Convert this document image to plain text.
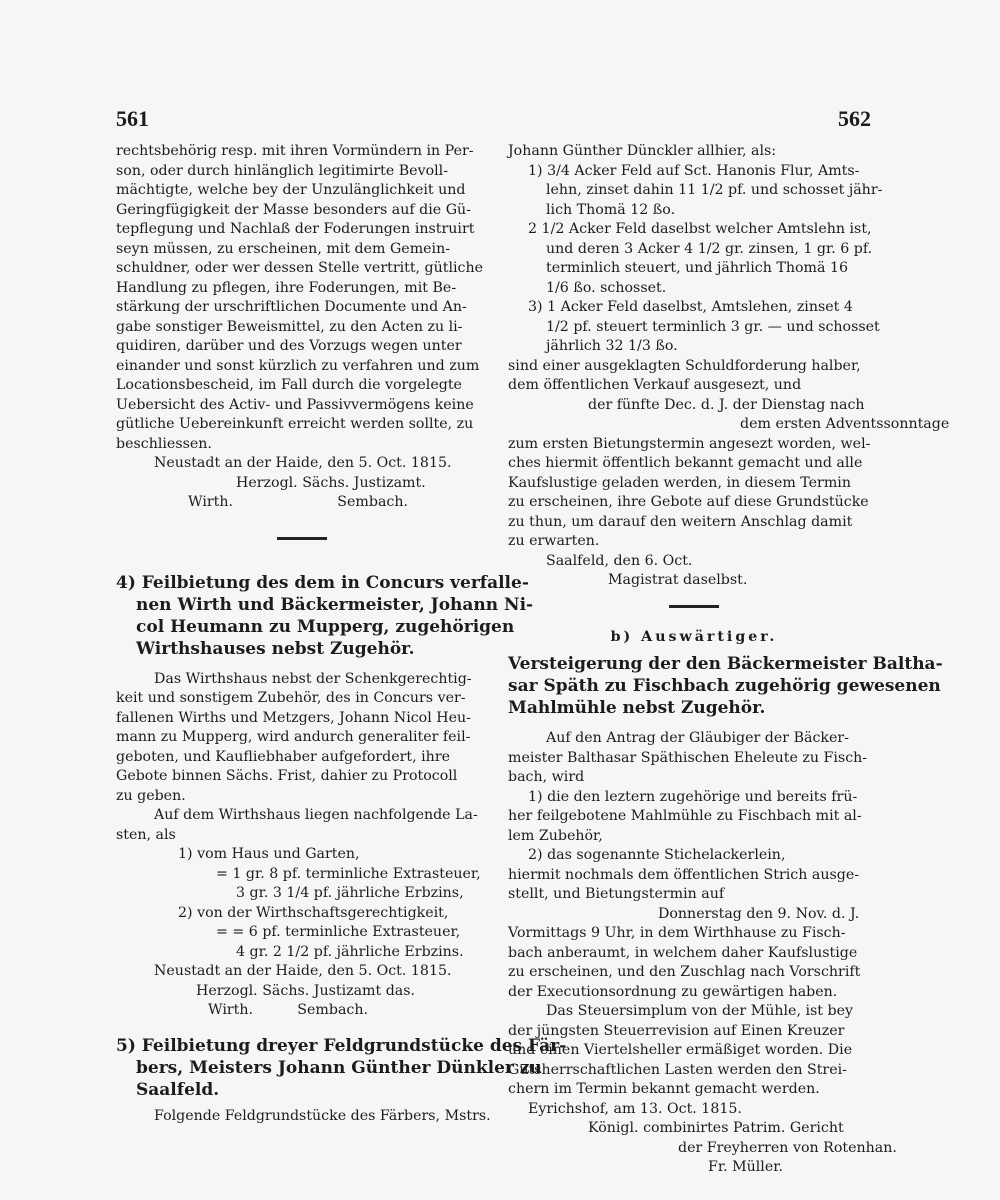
561	562
rechtsbehörig resp. mit ihren Vormündern in Per-
son, oder durch hinlänglich legitimirte Bevoll-
mächtigte, welche bey der Unzulänglichkeit und
Geringfügigkeit der Masse besonders auf die Gü-
tepflegung und Nachlaß der Foderungen instruirt
seyn müssen, zu erscheinen, mit dem Gemein-
schuldner, oder wer dessen Stelle vertritt, gütliche
Handlung zu pflegen, ihre Foderungen, mit Be-
stärkung der urschriftlichen Documente und An-
gabe sonstiger Beweismittel, zu den Acten zu li-
quidiren, darüber und des Vorzugs wegen unter
einander und sonst kürzlich zu verfahren und zum
Locationsbescheid, im Fall durch die vorgelegte
Uebersicht des Activ- und Passivvermögens keine
gütliche Uebereinkunft erreicht werden sollte, zu
beschliessen.
Neustadt an der Haide, den 5. Oct. 1815.
Herzogl. Sächs. Justizamt.
Wirth.	Sembach.
4) Feilbietung des dem in Concurs verfalle-
nen Wirth und Bäckermeister, Johann Ni-
col Heumann zu Mupperg, zugehörigen
Wirthshauses nebst Zugehör.
Das Wirthshaus nebst der Schenkgerechtig-
keit und sonstigem Zubehör, des in Concurs ver-
fallenen Wirths und Metzgers, Johann Nicol Heu-
mann zu Mupperg, wird andurch generaliter feil-
geboten, und Kaufliebhaber aufgefordert, ihre
Gebote binnen Sächs. Frist, dahier zu Protocoll
zu geben.
Auf dem Wirthshaus liegen nachfolgende La-
sten, als
1) vom Haus und Garten,
= 1 gr. 8 pf. terminliche Extrasteuer,
3 gr. 3 1/4 pf. jährliche Erbzins,
2) von der Wirthschaftsgerechtigkeit,
= = 6 pf. terminliche Extrasteuer,
4 gr. 2 1/2 pf. jährliche Erbzins.
Neustadt an der Haide, den 5. Oct. 1815.
Herzogl. Sächs. Justizamt das.
Wirth.	Sembach.
5) Feilbietung dreyer Feldgrundstücke des Fär-
bers, Meisters Johann Günther Dünkler zu
Saalfeld.
Folgende Feldgrundstücke des Färbers, Mstrs.
Johann Günther Dünckler allhier, als:
1) 3/4 Acker Feld auf Sct. Hanonis Flur, Amts-
lehn, zinset dahin 11 1/2 pf. und schosset jähr-
lich Thomä 12 ßo.
2 1/2 Acker Feld daselbst welcher Amtslehn ist,
und deren 3 Acker 4 1/2 gr. zinsen, 1 gr. 6 pf.
terminlich steuert, und jährlich Thomä 16
1/6 ßo. schosset.
3) 1 Acker Feld daselbst, Amtslehen, zinset 4
1/2 pf. steuert terminlich 3 gr. — und schosset
jährlich 32 1/3 ßo.
sind einer ausgeklagten Schuldforderung halber,
dem öffentlichen Verkauf ausgesezt, und
der fünfte Dec. d. J. der Dienstag nach
dem ersten Adventssonntage
zum ersten Bietungstermin angesezt worden, wel-
ches hiermit öffentlich bekannt gemacht und alle
Kaufslustige geladen werden, in diesem Termin
zu erscheinen, ihre Gebote auf diese Grundstücke
zu thun, um darauf den weitern Anschlag damit
zu erwarten.
Saalfeld, den 6. Oct.
Magistrat daselbst.
b) Auswärtiger.
Versteigerung der den Bäckermeister Baltha-
sar Späth zu Fischbach zugehörig gewesenen
Mahlmühle nebst Zugehör.
Auf den Antrag der Gläubiger der Bäcker-
meister Balthasar Späthischen Eheleute zu Fisch-
bach, wird
1) die den leztern zugehörige und bereits frü-
her feilgebotene Mahlmühle zu Fischbach mit al-
lem Zubehör,
2) das sogenannte Stichelackerlein,
hiermit nochmals dem öffentlichen Strich ausge-
stellt, und Bietungstermin auf
Donnerstag den 9. Nov. d. J.
Vormittags 9 Uhr, in dem Wirthhause zu Fisch-
bach anberaumt, in welchem daher Kaufslustige
zu erscheinen, und den Zuschlag nach Vorschrift
der Executionsordnung zu gewärtigen haben.
Das Steuersimplum von der Mühle, ist bey
der jüngsten Steuerrevision auf Einen Kreuzer
und einen Viertelsheller ermäßiget worden. Die
Gutsherrschaftlichen Lasten werden den Strei-
chern im Termin bekannt gemacht werden.
Eyrichshof, am 13. Oct. 1815.
Königl. combinirtes Patrim. Gericht
der Freyherren von Rotenhan.
Fr. Müller.
